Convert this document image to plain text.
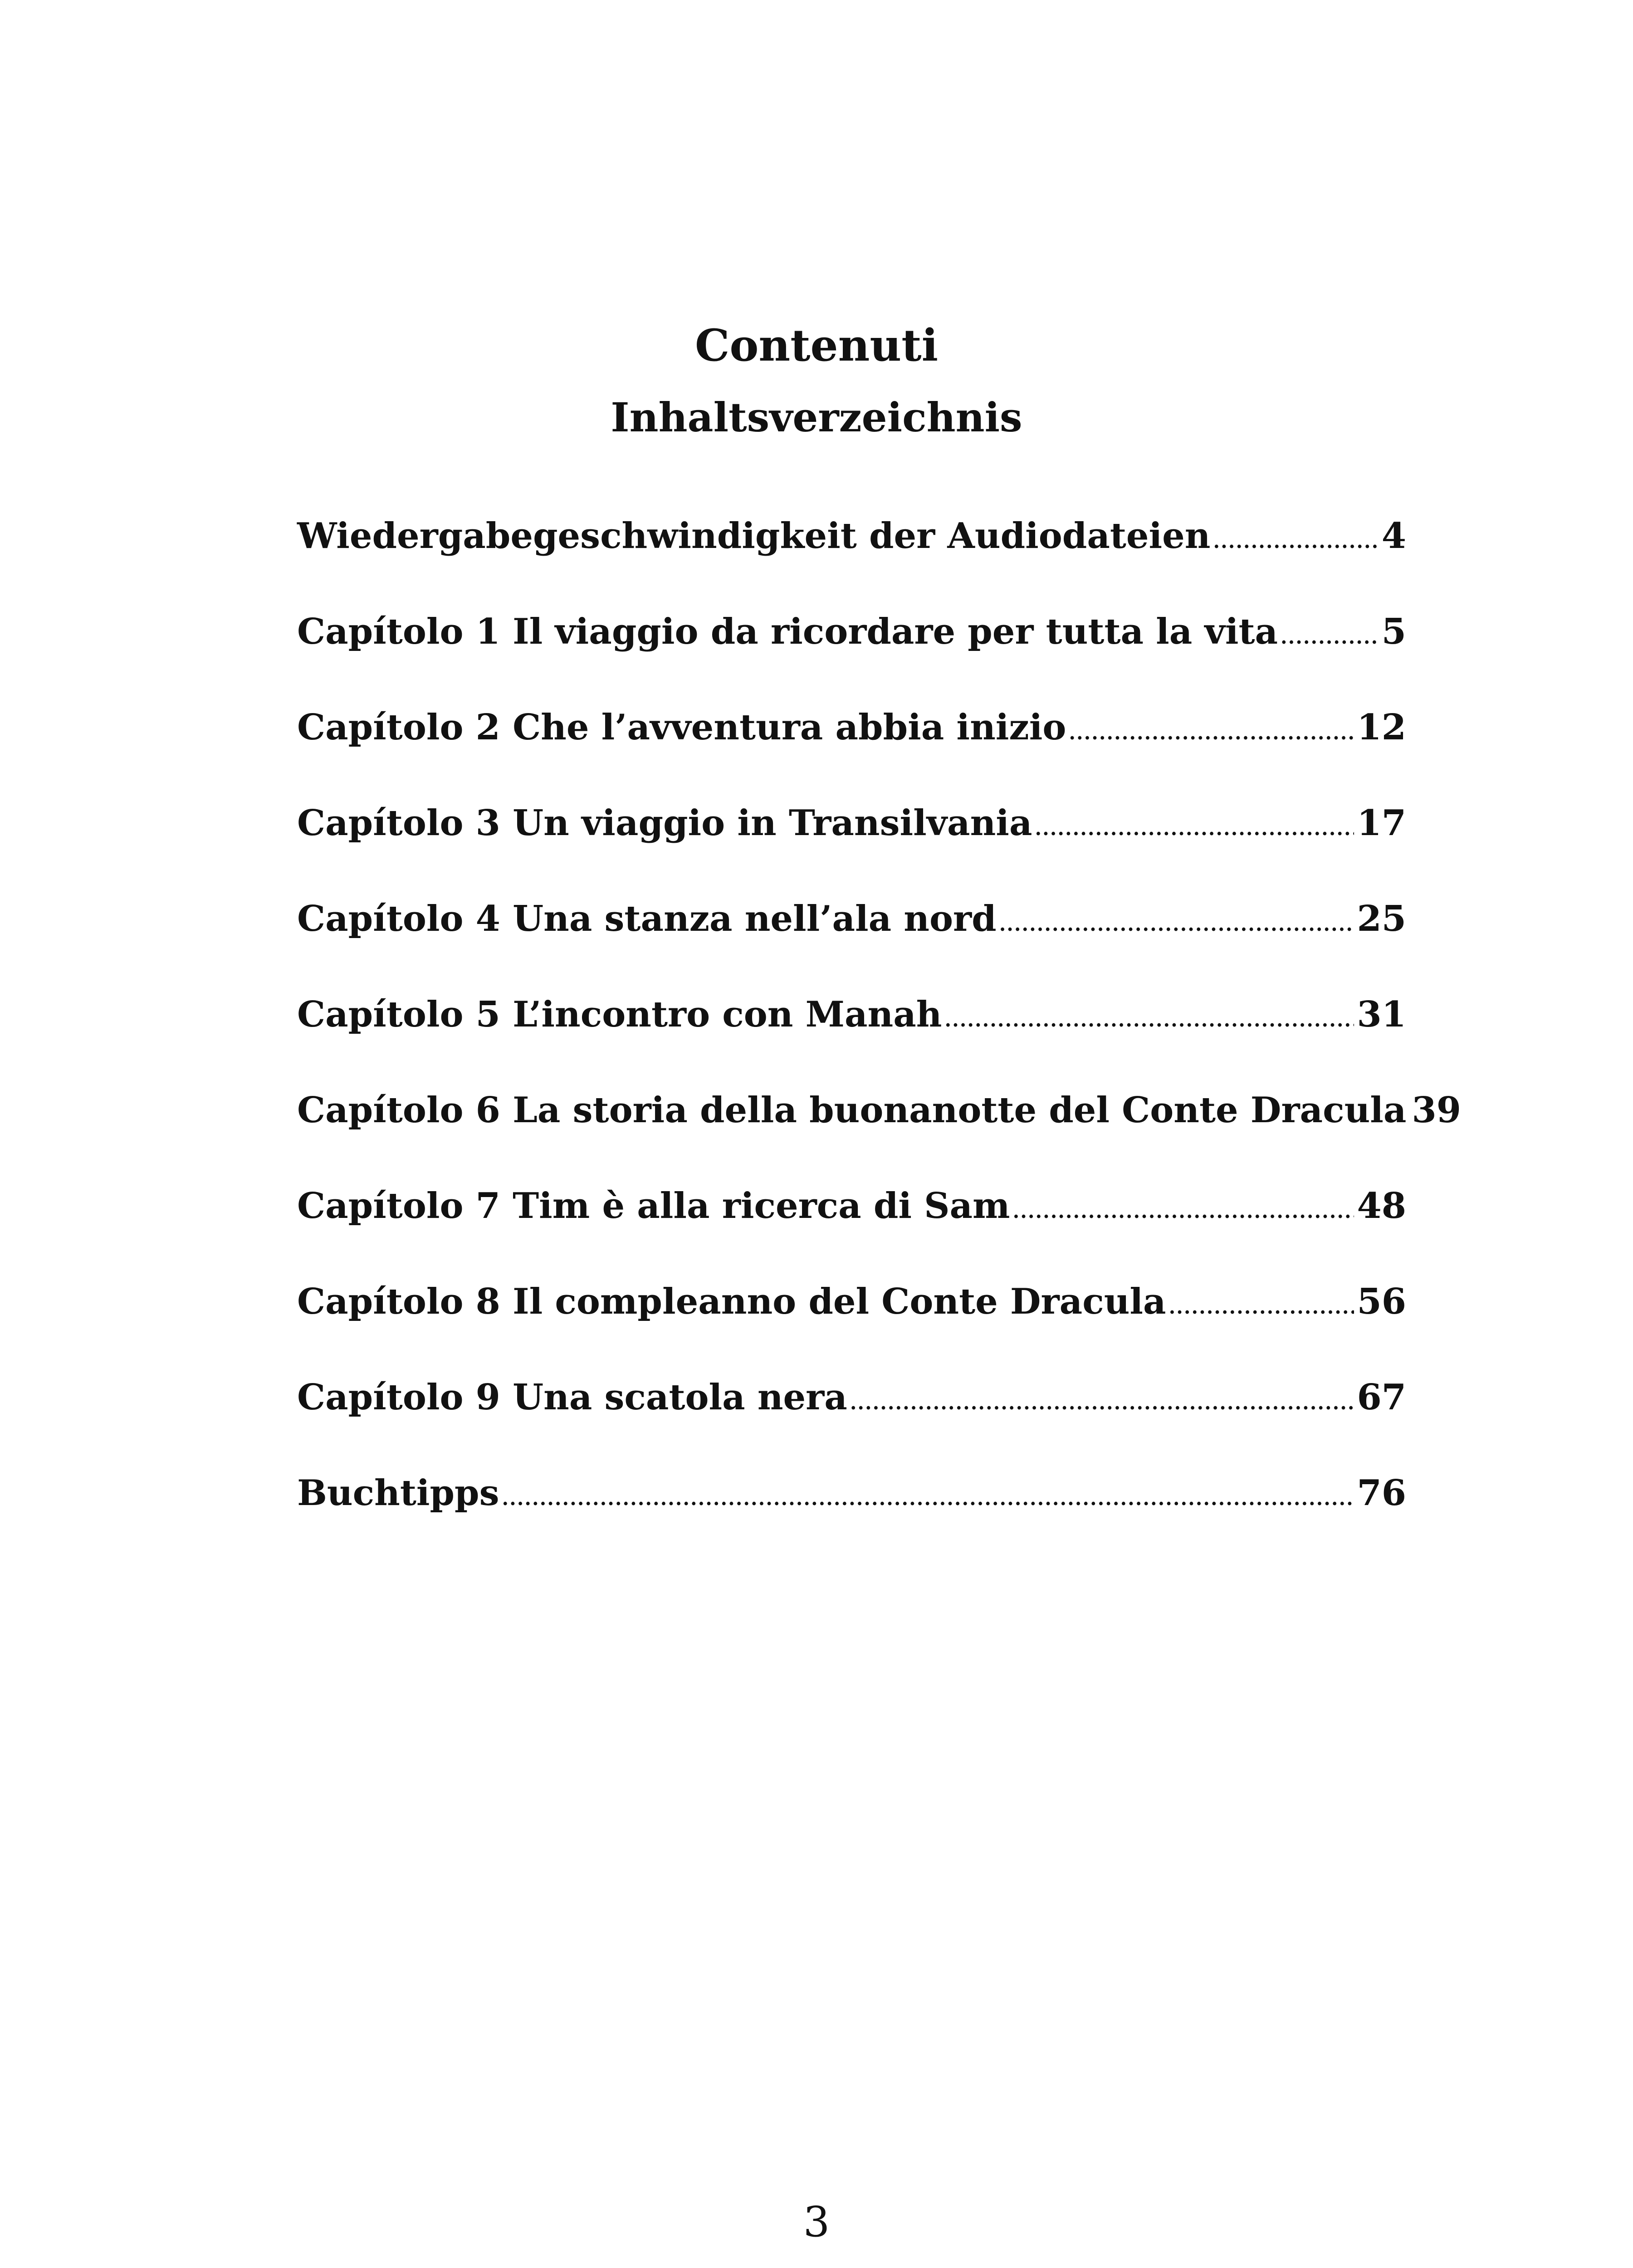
Contenuti
Inhaltsverzeichnis
Wiedergabegeschwindigkeit der Audiodateien .....	4
Capítolo 1 Il viaggio da ricordare per tutta la vita .....	5
Capítolo 2 Che l’avventura abbia inizio .....	12
Capítolo 3 Un viaggio in Transilvania .....	17
Capítolo 4 Una stanza nell’ala nord .....	25
Capítolo 5 L’incontro con Manah .....	31
Capítolo 6 La storia della buonanotte del Conte Dracula 39
Capítolo 7 Tim è alla ricerca di Sam .....	48
Capítolo 8 Il compleanno del Conte Dracula .....	56
Capítolo 9 Una scatola nera .....	67
Buchtipps .....	76

3
